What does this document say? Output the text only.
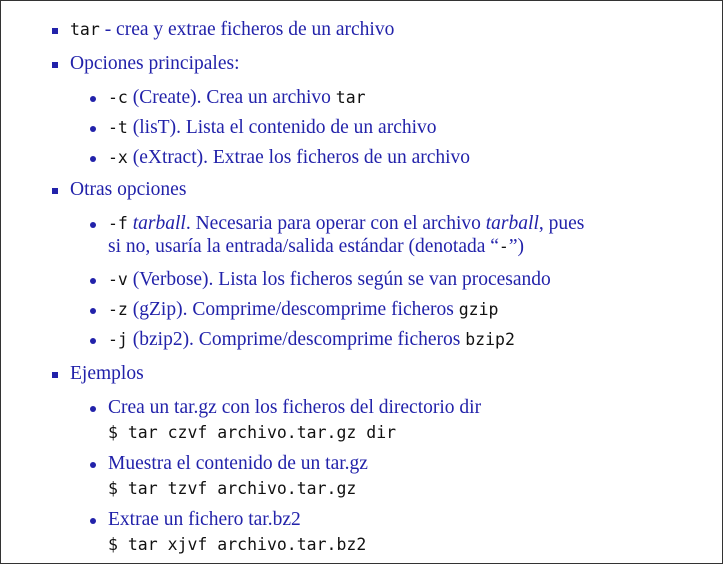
tar - crea y extrae ficheros de un archivo
Opciones principales:
-c (Create). Crea un archivo tar
-t (lisT). Lista el contenido de un archivo
-x (eXtract). Extrae los ficheros de un archivo
Otras opciones
-f tarball. Necesaria para operar con el archivo tarball, pues
si no, usaría la entrada/salida estándar (denotada “-”)
-v (Verbose). Lista los ficheros según se van procesando
-z (gZip). Comprime/descomprime ficheros gzip
-j (bzip2). Comprime/descomprime ficheros bzip2
Ejemplos
Crea un tar.gz con los ficheros del directorio dir
$ tar czvf archivo.tar.gz dir
Muestra el contenido de un tar.gz
$ tar tzvf archivo.tar.gz
Extrae un fichero tar.bz2
$ tar xjvf archivo.tar.bz2
